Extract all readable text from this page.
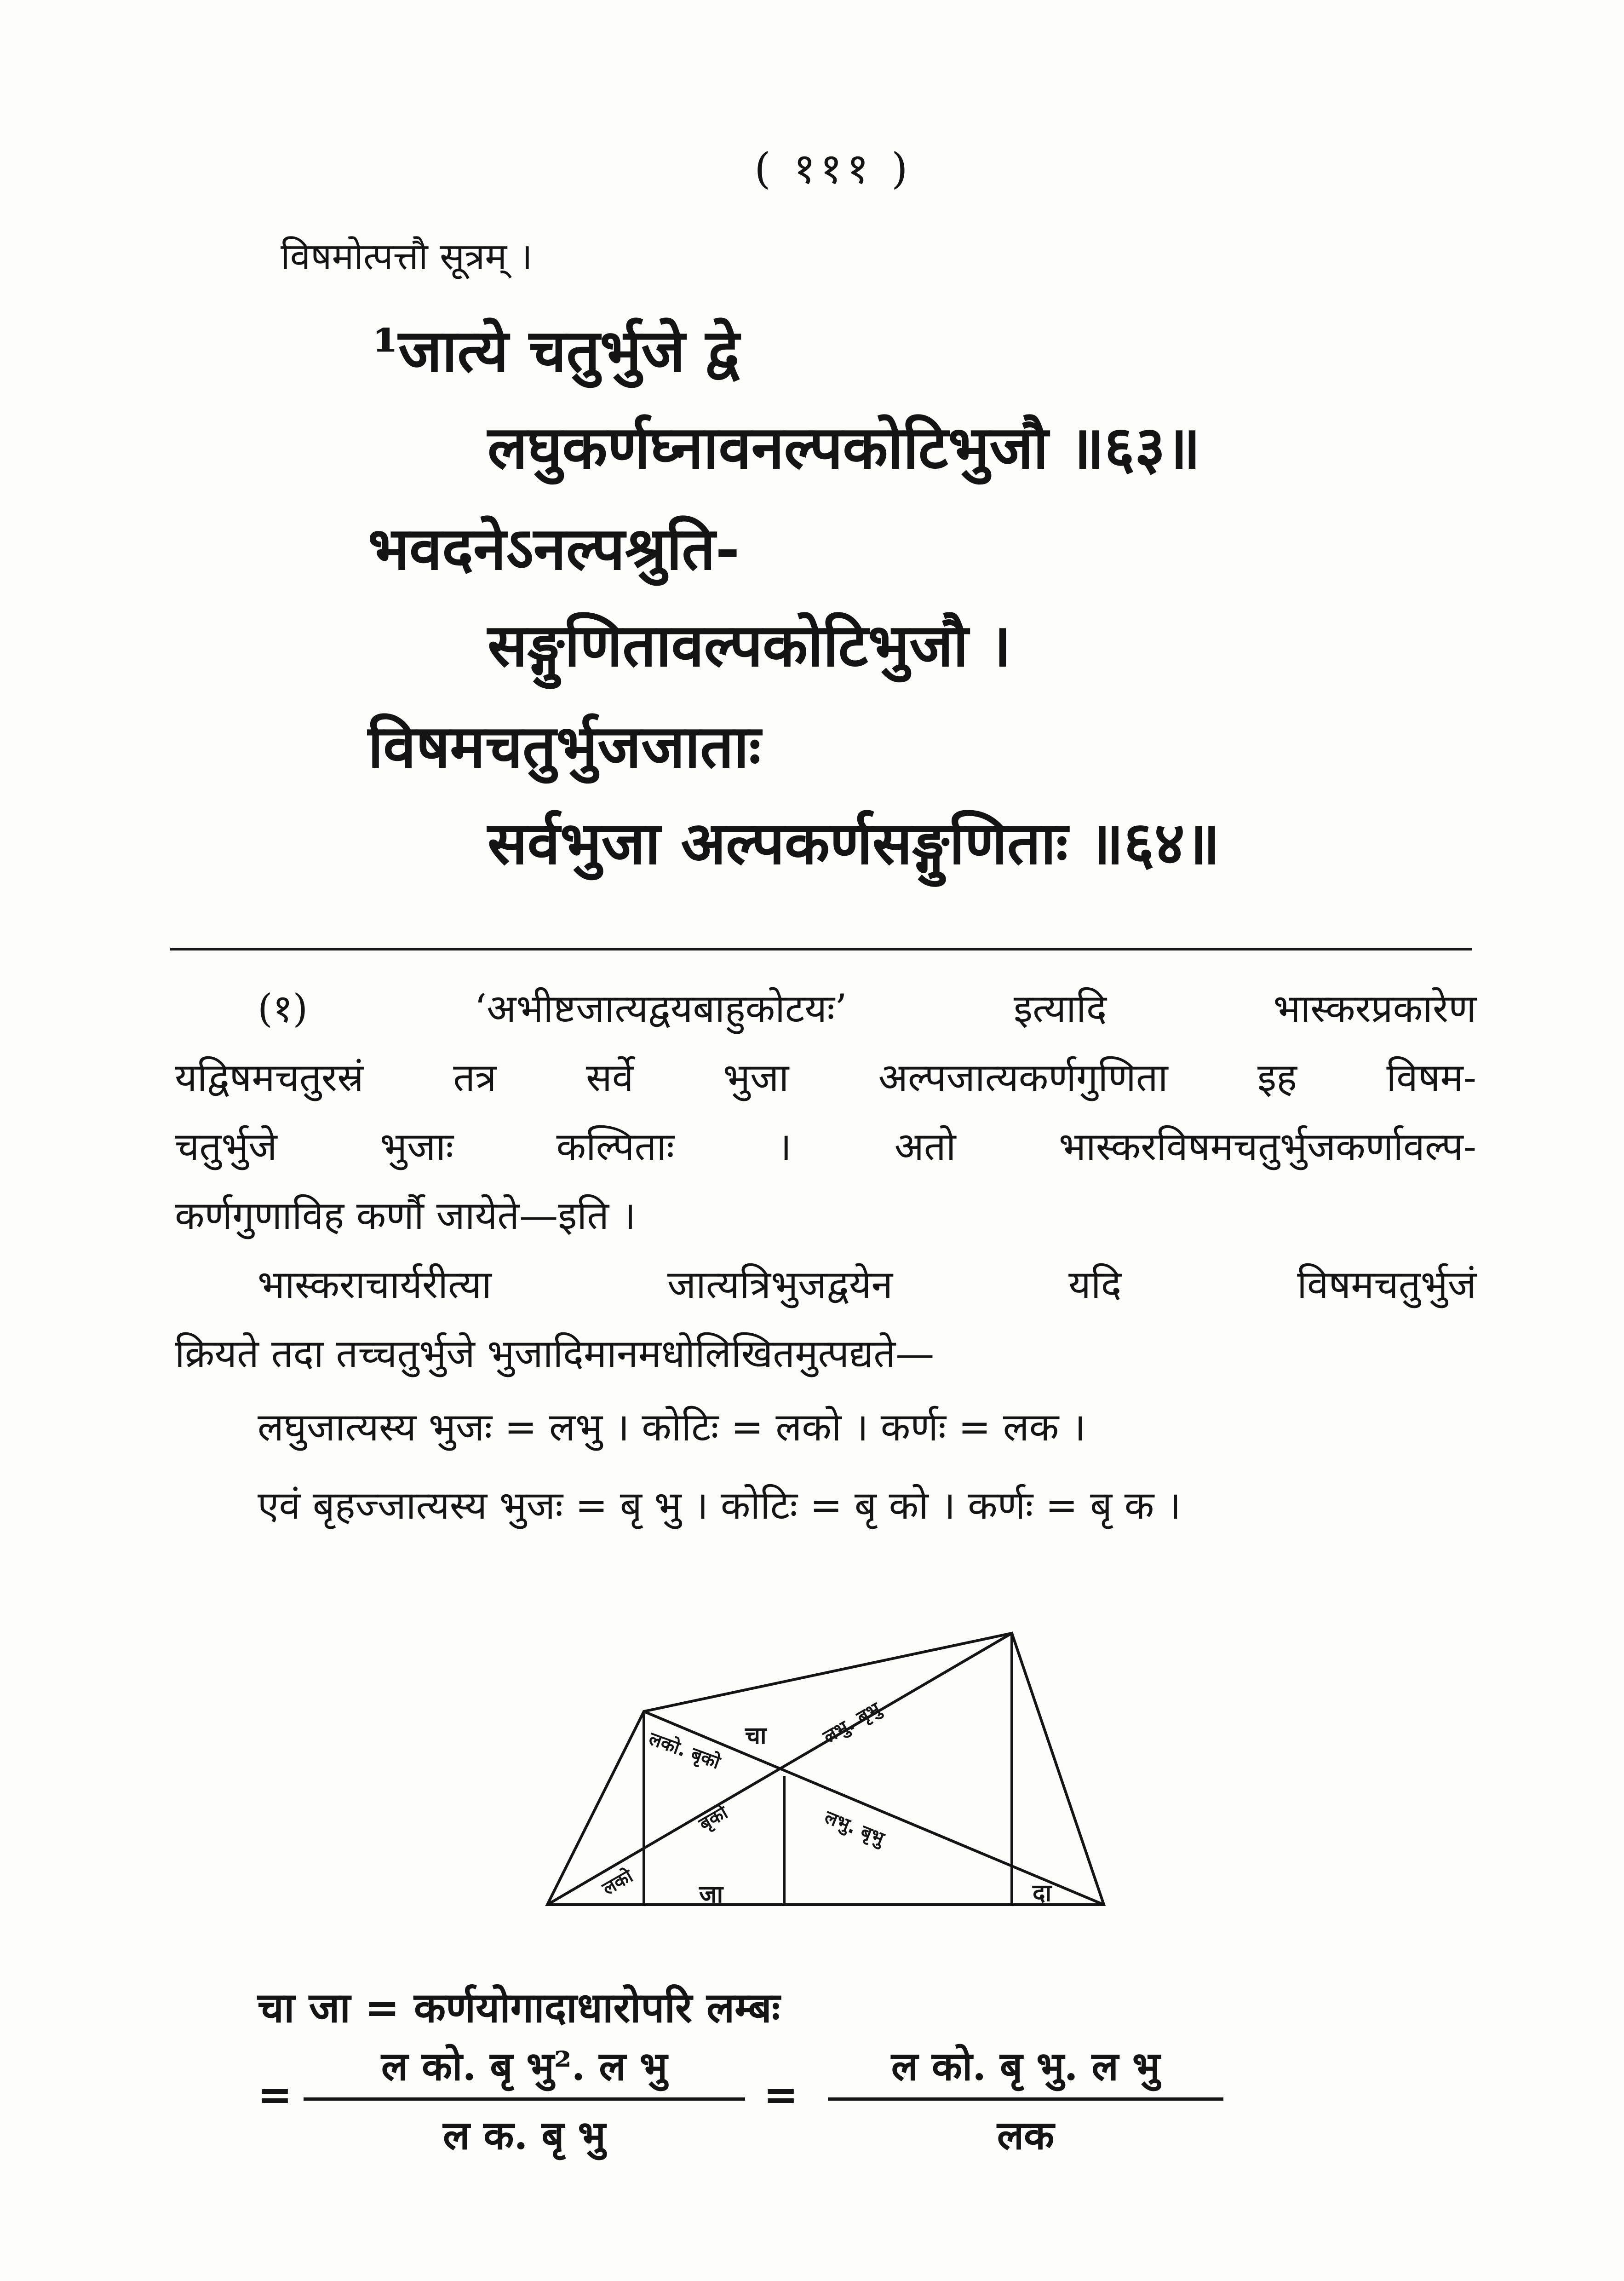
( १११ )
विषमोत्पत्तौ सूत्रम् ।
¹जात्ये चतुर्भुजे द्वे
लघुकर्णघ्नावनल्पकोटिभुजौ ॥६३॥
भवदनेऽनल्पश्रुति-
सङ्गुणितावल्पकोटिभुजौ ।
विषमचतुर्भुजजाताः
सर्वभुजा अल्पकर्णसङ्गुणिताः ॥६४॥
(१) ‘अभीष्टजात्यद्वयबाहुकोटयः’ इत्यादि भास्करप्रकारेण
यद्विषमचतुरस्रं तत्र सर्वे भुजा अल्पजात्यकर्णगुणिता इह विषम-
चतुर्भुजे भुजाः कल्पिताः । अतो भास्करविषमचतुर्भुजकर्णावल्प-
कर्णगुणाविह कर्णौ जायेते—इति ।
भास्कराचार्यरीत्या जात्यत्रिभुजद्वयेन यदि विषमचतुर्भुजं
क्रियते तदा तच्चतुर्भुजे भुजादिमानमधोलिखितमुत्पद्यते—
लघुजात्यस्य भुजः = लभु । कोटिः = लको । कर्णः = लक ।
एवं बृहज्जात्यस्य भुजः = बृ भु । कोटिः = बृ को । कर्णः = बृ क ।
चा
जा	दा
लभु. बृभु
लको. बृको
बृको	लभु. बृभु
लको
चा जा = कर्णयोगादाधारोपरि लम्बः
=
ल को. बृ भु². ल भु
ल क. बृ भु
=
ल को. बृ भु. ल भु
लक
